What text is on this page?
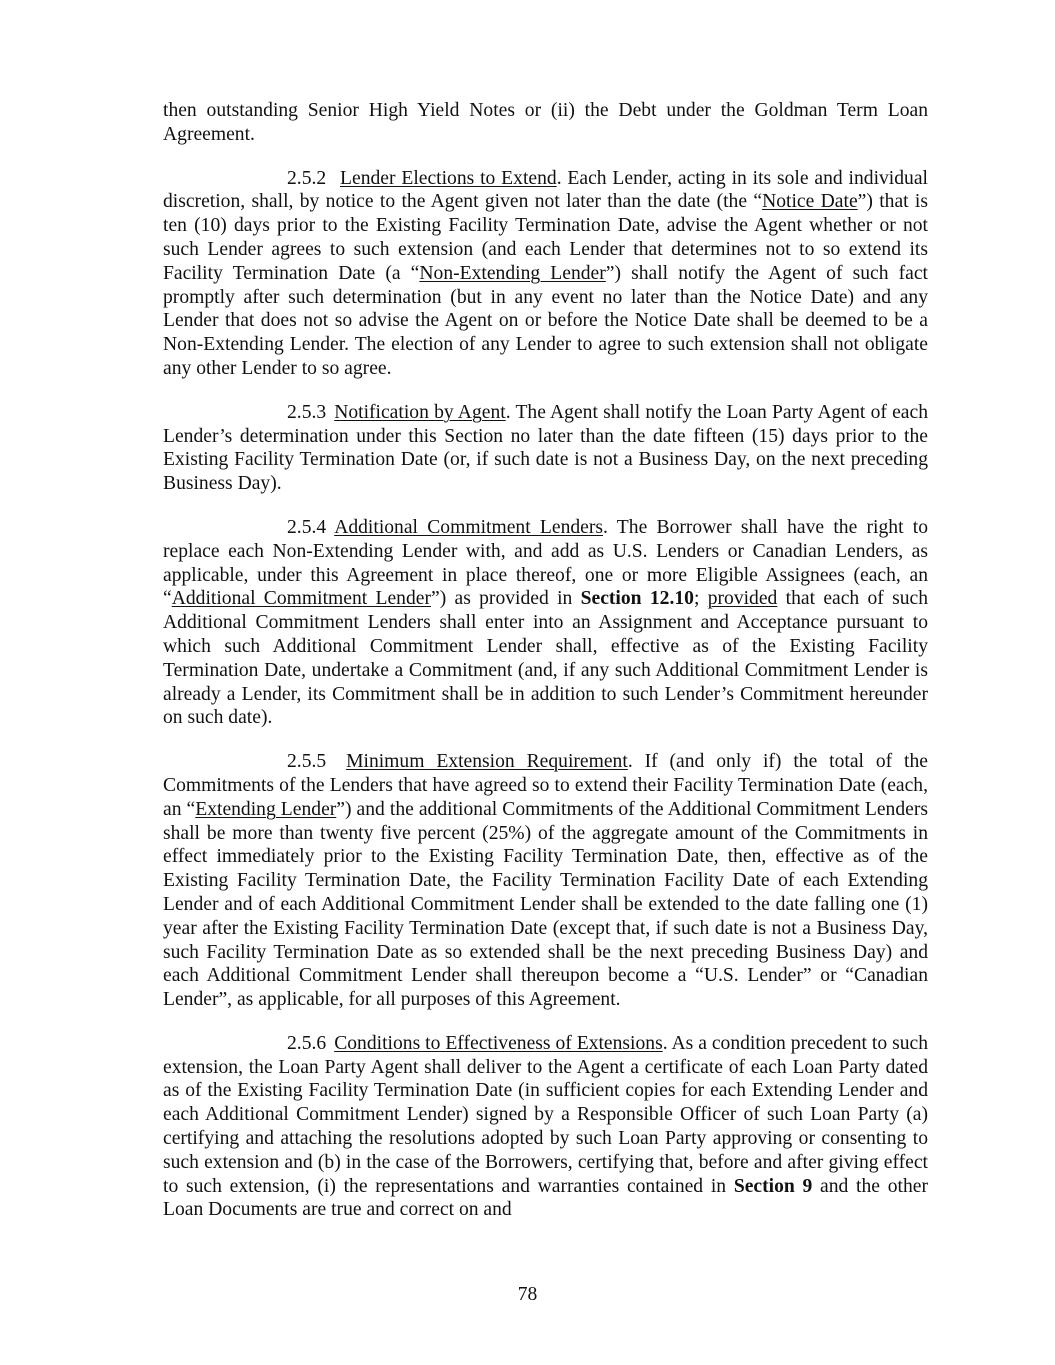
then outstanding Senior High Yield Notes or (ii) the Debt under the Goldman Term Loan Agreement.

2.5.2 Lender Elections to Extend. Each Lender, acting in its sole and individual discretion, shall, by notice to the Agent given not later than the date (the “Notice Date”) that is ten (10) days prior to the Existing Facility Termination Date, advise the Agent whether or not such Lender agrees to such extension (and each Lender that determines not to so extend its Facility Termination Date (a “Non-Extending Lender”) shall notify the Agent of such fact promptly after such determination (but in any event no later than the Notice Date) and any Lender that does not so advise the Agent on or before the Notice Date shall be deemed to be a Non-Extending Lender. The election of any Lender to agree to such extension shall not obligate any other Lender to so agree.

2.5.3 Notification by Agent. The Agent shall notify the Loan Party Agent of each Lender’s determination under this Section no later than the date fifteen (15) days prior to the Existing Facility Termination Date (or, if such date is not a Business Day, on the next preceding Business Day).

2.5.4 Additional Commitment Lenders. The Borrower shall have the right to replace each Non-Extending Lender with, and add as U.S. Lenders or Canadian Lenders, as applicable, under this Agreement in place thereof, one or more Eligible Assignees (each, an “Additional Commitment Lender”) as provided in Section 12.10; provided that each of such Additional Commitment Lenders shall enter into an Assignment and Acceptance pursuant to which such Additional Commitment Lender shall, effective as of the Existing Facility Termination Date, undertake a Commitment (and, if any such Additional Commitment Lender is already a Lender, its Commitment shall be in addition to such Lender’s Commitment hereunder on such date).

2.5.5 Minimum Extension Requirement. If (and only if) the total of the Commitments of the Lenders that have agreed so to extend their Facility Termination Date (each, an “Extending Lender”) and the additional Commitments of the Additional Commitment Lenders shall be more than twenty five percent (25%) of the aggregate amount of the Commitments in effect immediately prior to the Existing Facility Termination Date, then, effective as of the Existing Facility Termination Date, the Facility Termination Facility Date of each Extending Lender and of each Additional Commitment Lender shall be extended to the date falling one (1) year after the Existing Facility Termination Date (except that, if such date is not a Business Day, such Facility Termination Date as so extended shall be the next preceding Business Day) and each Additional Commitment Lender shall thereupon become a “U.S. Lender” or “Canadian Lender”, as applicable, for all purposes of this Agreement.

2.5.6 Conditions to Effectiveness of Extensions. As a condition precedent to such extension, the Loan Party Agent shall deliver to the Agent a certificate of each Loan Party dated as of the Existing Facility Termination Date (in sufficient copies for each Extending Lender and each Additional Commitment Lender) signed by a Responsible Officer of such Loan Party (a) certifying and attaching the resolutions adopted by such Loan Party approving or consenting to such extension and (b) in the case of the Borrowers, certifying that, before and after giving effect to such extension, (i) the representations and warranties contained in Section 9 and the other Loan Documents are true and correct on and

78
